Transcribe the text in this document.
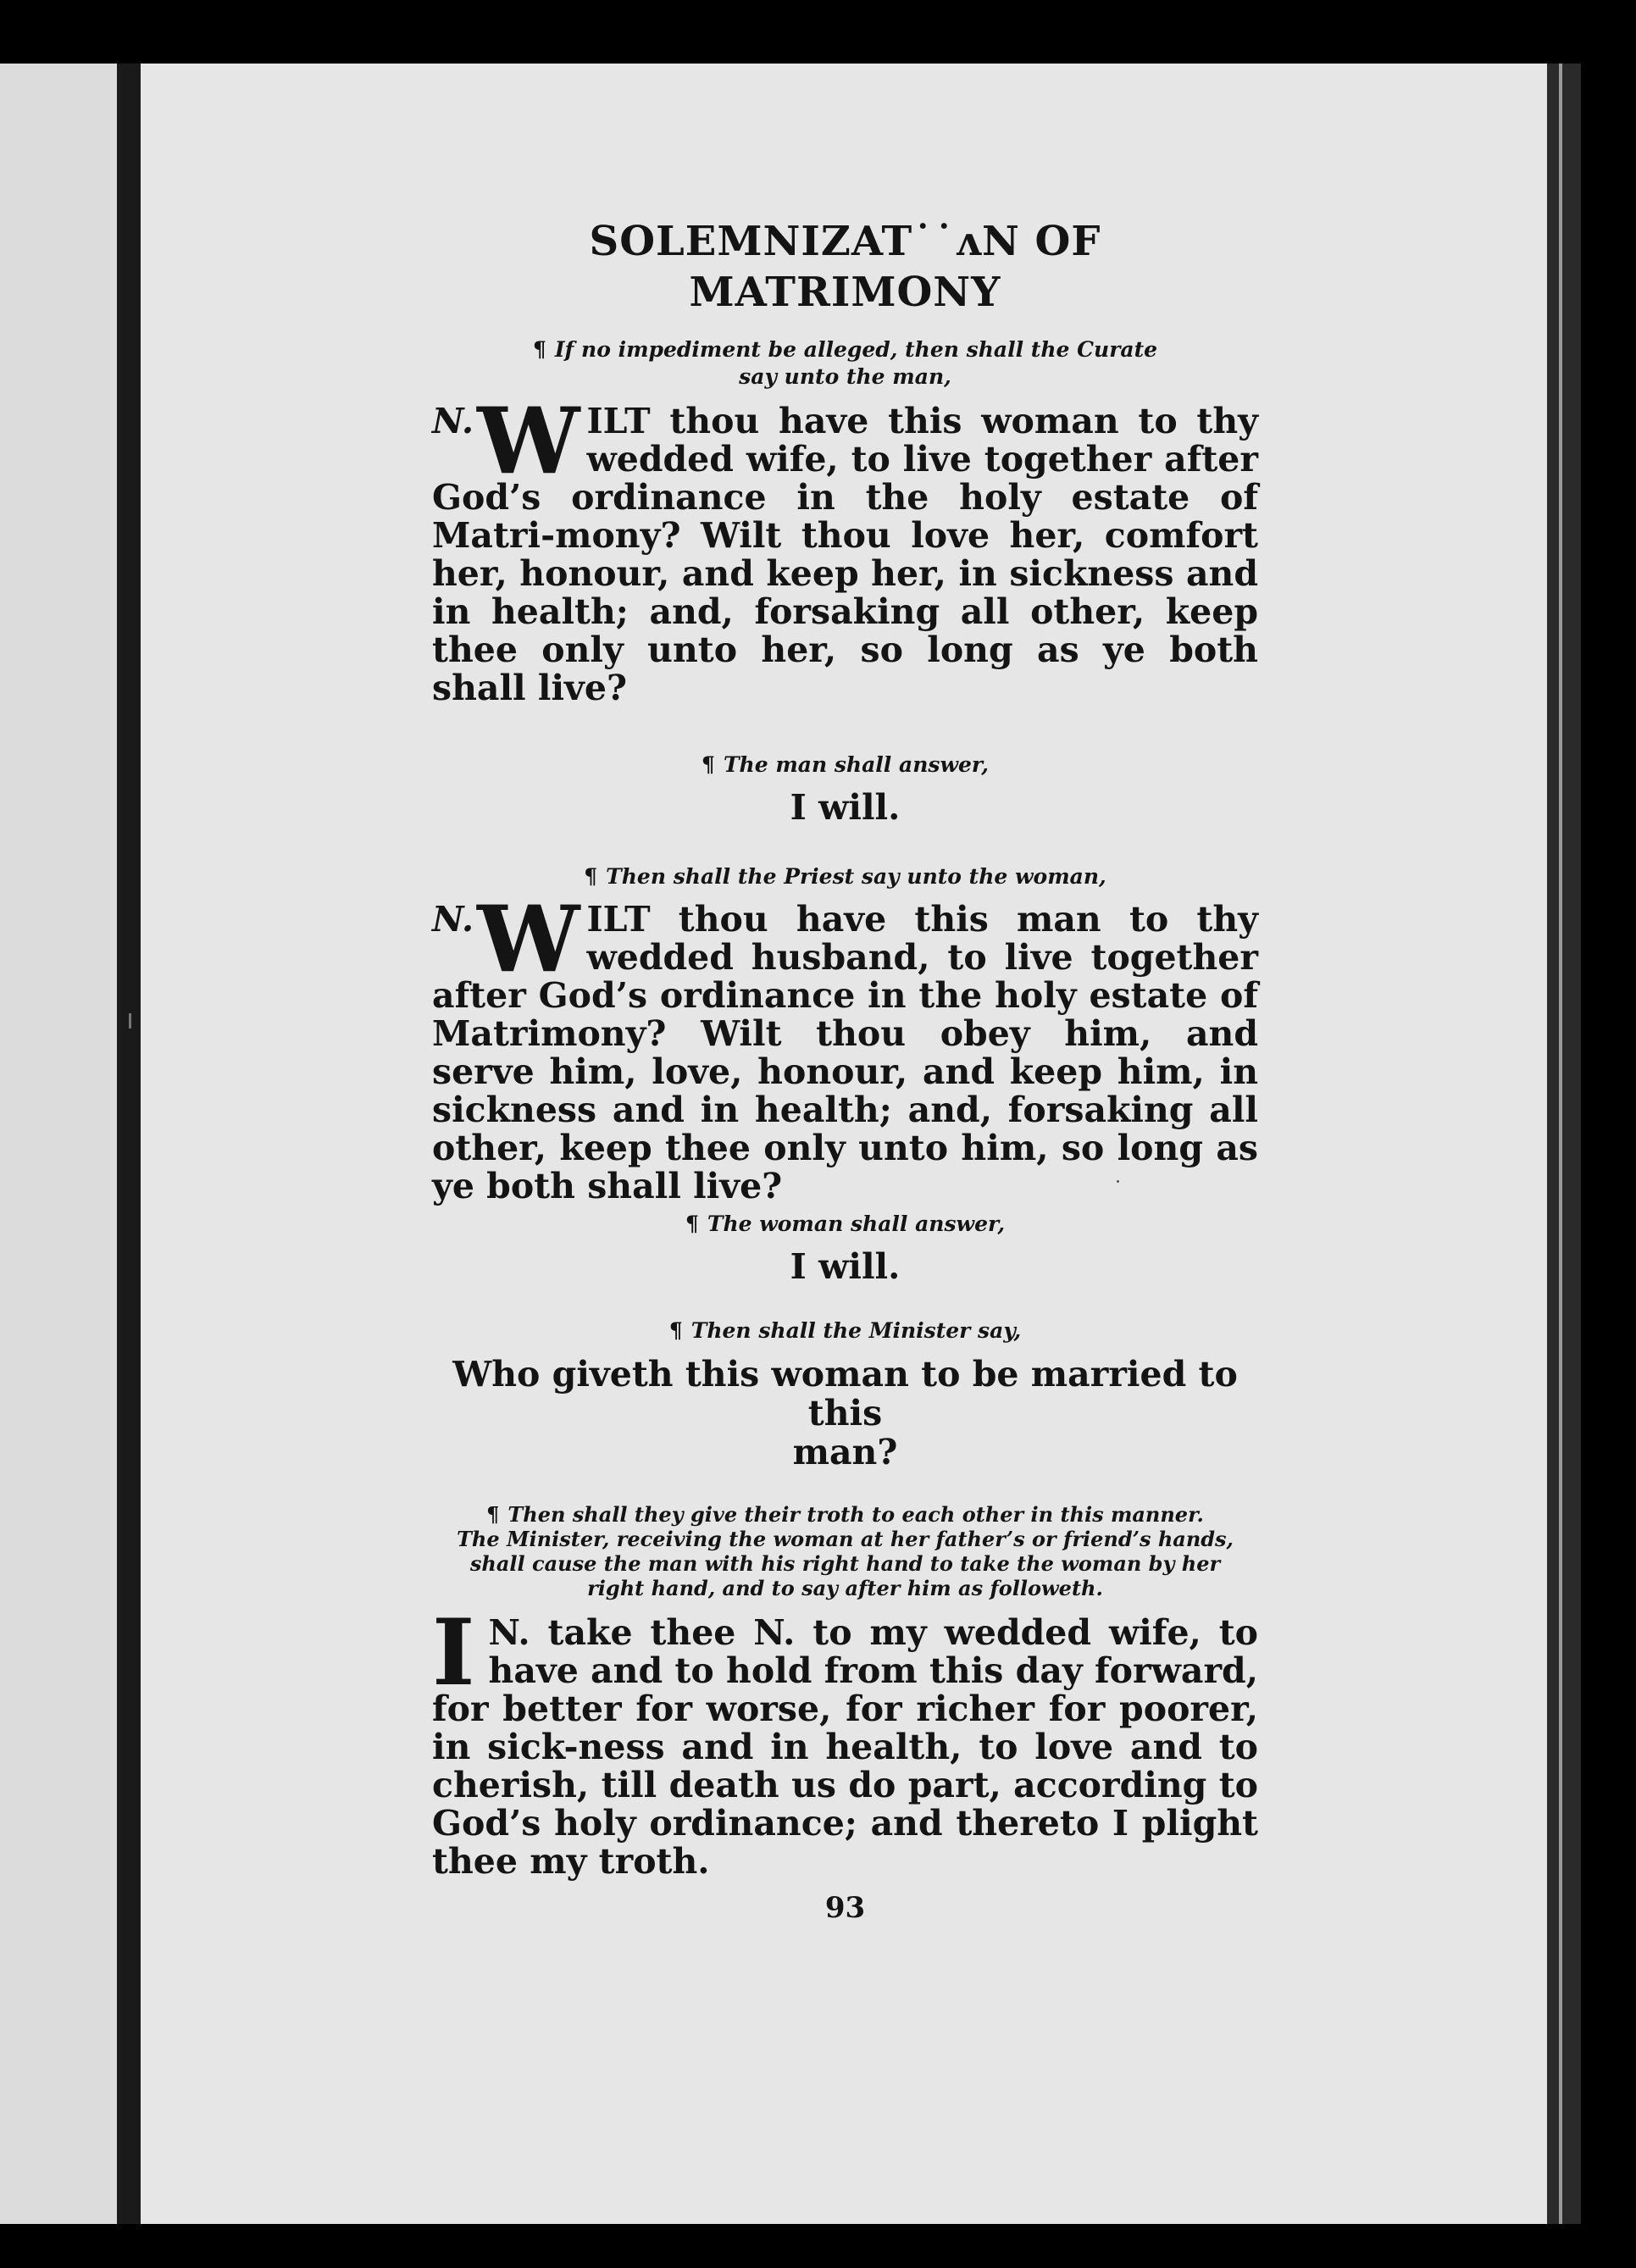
SOLEMNIZAT˙˙ʌN OF MATRIMONY

¶ If no impediment be alleged, then shall the Curate
say unto the man,

N. W ILT thou have this woman to thy wedded wife, to live together after God’s ordinance in the holy estate of Matri-mony? Wilt thou love her, comfort her, honour, and keep her, in sickness and in health; and, forsaking all other, keep thee only unto her, so long as ye both shall live?

¶ The man shall answer,

I will.

¶ Then shall the Priest say unto the woman,

N. W ILT thou have this man to thy wedded husband, to live together after God’s ordinance in the holy estate of Matrimony? Wilt thou obey him, and serve him, love, honour, and keep him, in sickness and in health; and, forsaking all other, keep thee only unto him, so long as ye both shall live?

¶ The woman shall answer,

I will.

¶ Then shall the Minister say,

Who giveth this woman to be married to this
man?

¶ Then shall they give their troth to each other in this manner.
The Minister, receiving the woman at her father’s or friend’s hands,
shall cause the man with his right hand to take the woman by her
right hand, and to say after him as followeth.

I N. take thee N. to my wedded wife, to have and to hold from this day forward, for better for worse, for richer for poorer, in sick-ness and in health, to love and to cherish, till death us do part, according to God’s holy ordinance; and thereto I plight thee my troth.

93
